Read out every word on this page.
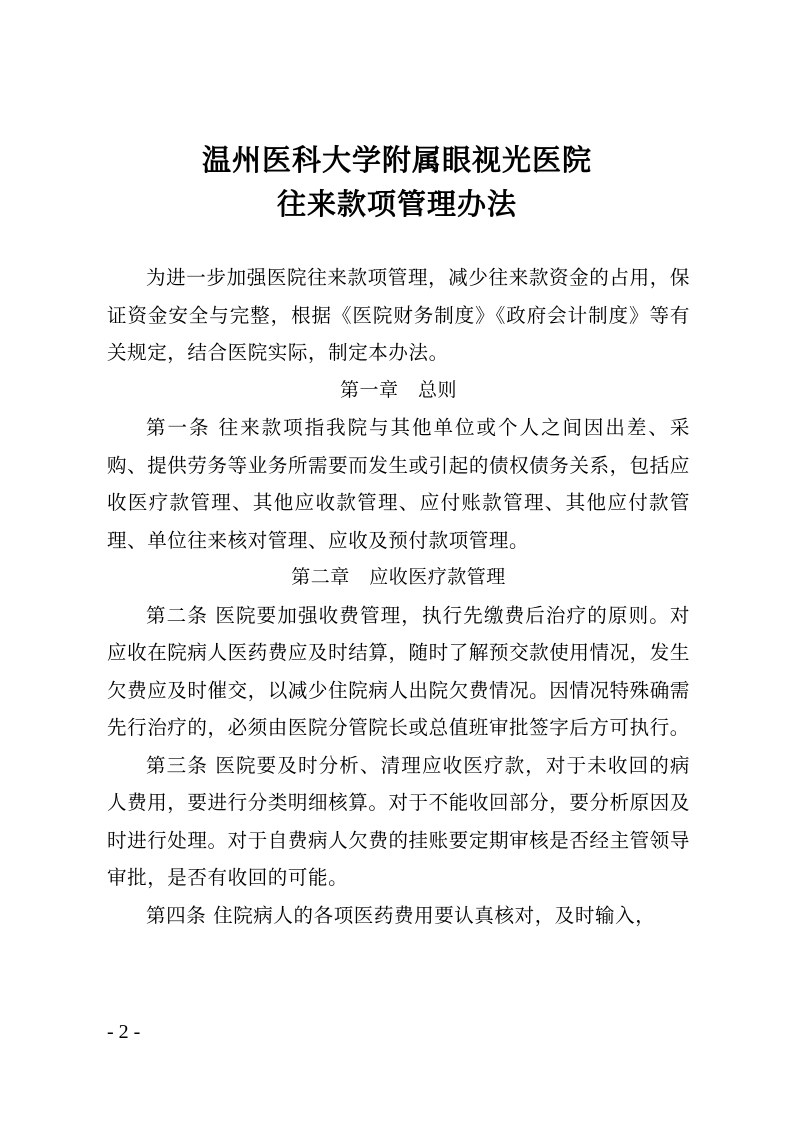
温州医科大学附属眼视光医院
往来款项管理办法

为进一步加强医院往来款项管理，减少往来款资金的占用，保证资金安全与完整，根据《医院财务制度》《政府会计制度》等有关规定，结合医院实际，制定本办法。

第一章　总则

第一条 往来款项指我院与其他单位或个人之间因出差、采购、提供劳务等业务所需要而发生或引起的债权债务关系，包括应收医疗款管理、其他应收款管理、应付账款管理、其他应付款管理、单位往来核对管理、应收及预付款项管理。

第二章　应收医疗款管理

第二条 医院要加强收费管理，执行先缴费后治疗的原则。对应收在院病人医药费应及时结算，随时了解预交款使用情况，发生欠费应及时催交，以减少住院病人出院欠费情况。因情况特殊确需先行治疗的，必须由医院分管院长或总值班审批签字后方可执行。

第三条 医院要及时分析、清理应收医疗款，对于未收回的病人费用，要进行分类明细核算。对于不能收回部分，要分析原因及时进行处理。对于自费病人欠费的挂账要定期审核是否经主管领导审批，是否有收回的可能。

第四条 住院病人的各项医药费用要认真核对，及时输入，

- 2 -
